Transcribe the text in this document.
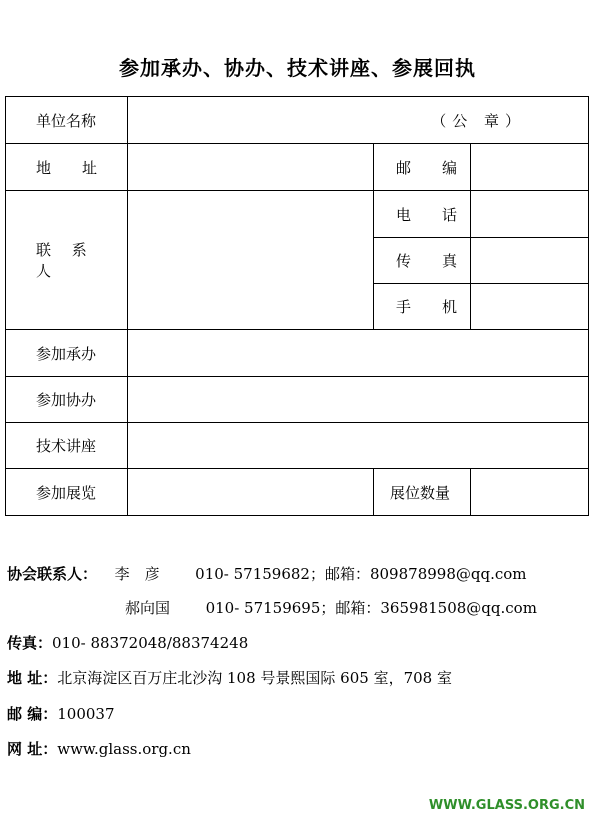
参加承办、协办、技术讲座、参展回执
单位名称	（公 章）		
地　址		邮　编	
联 系 人		电　话	
		传　真	
		手　机	
参加承办			
参加协办			
技术讲座			
参加展览		展位数量	
协会联系人： 李　彦 010- 57159682；邮箱：809878998@qq.com
郝向国 010- 57159695；邮箱：365981508@qq.com
传真：010- 88372048/88374248
地 址：北京海淀区百万庄北沙沟 108 号景熙国际 605 室，708 室
邮 编：100037
网 址：www.glass.org.cn
WWW.GLASS.ORG.CN
